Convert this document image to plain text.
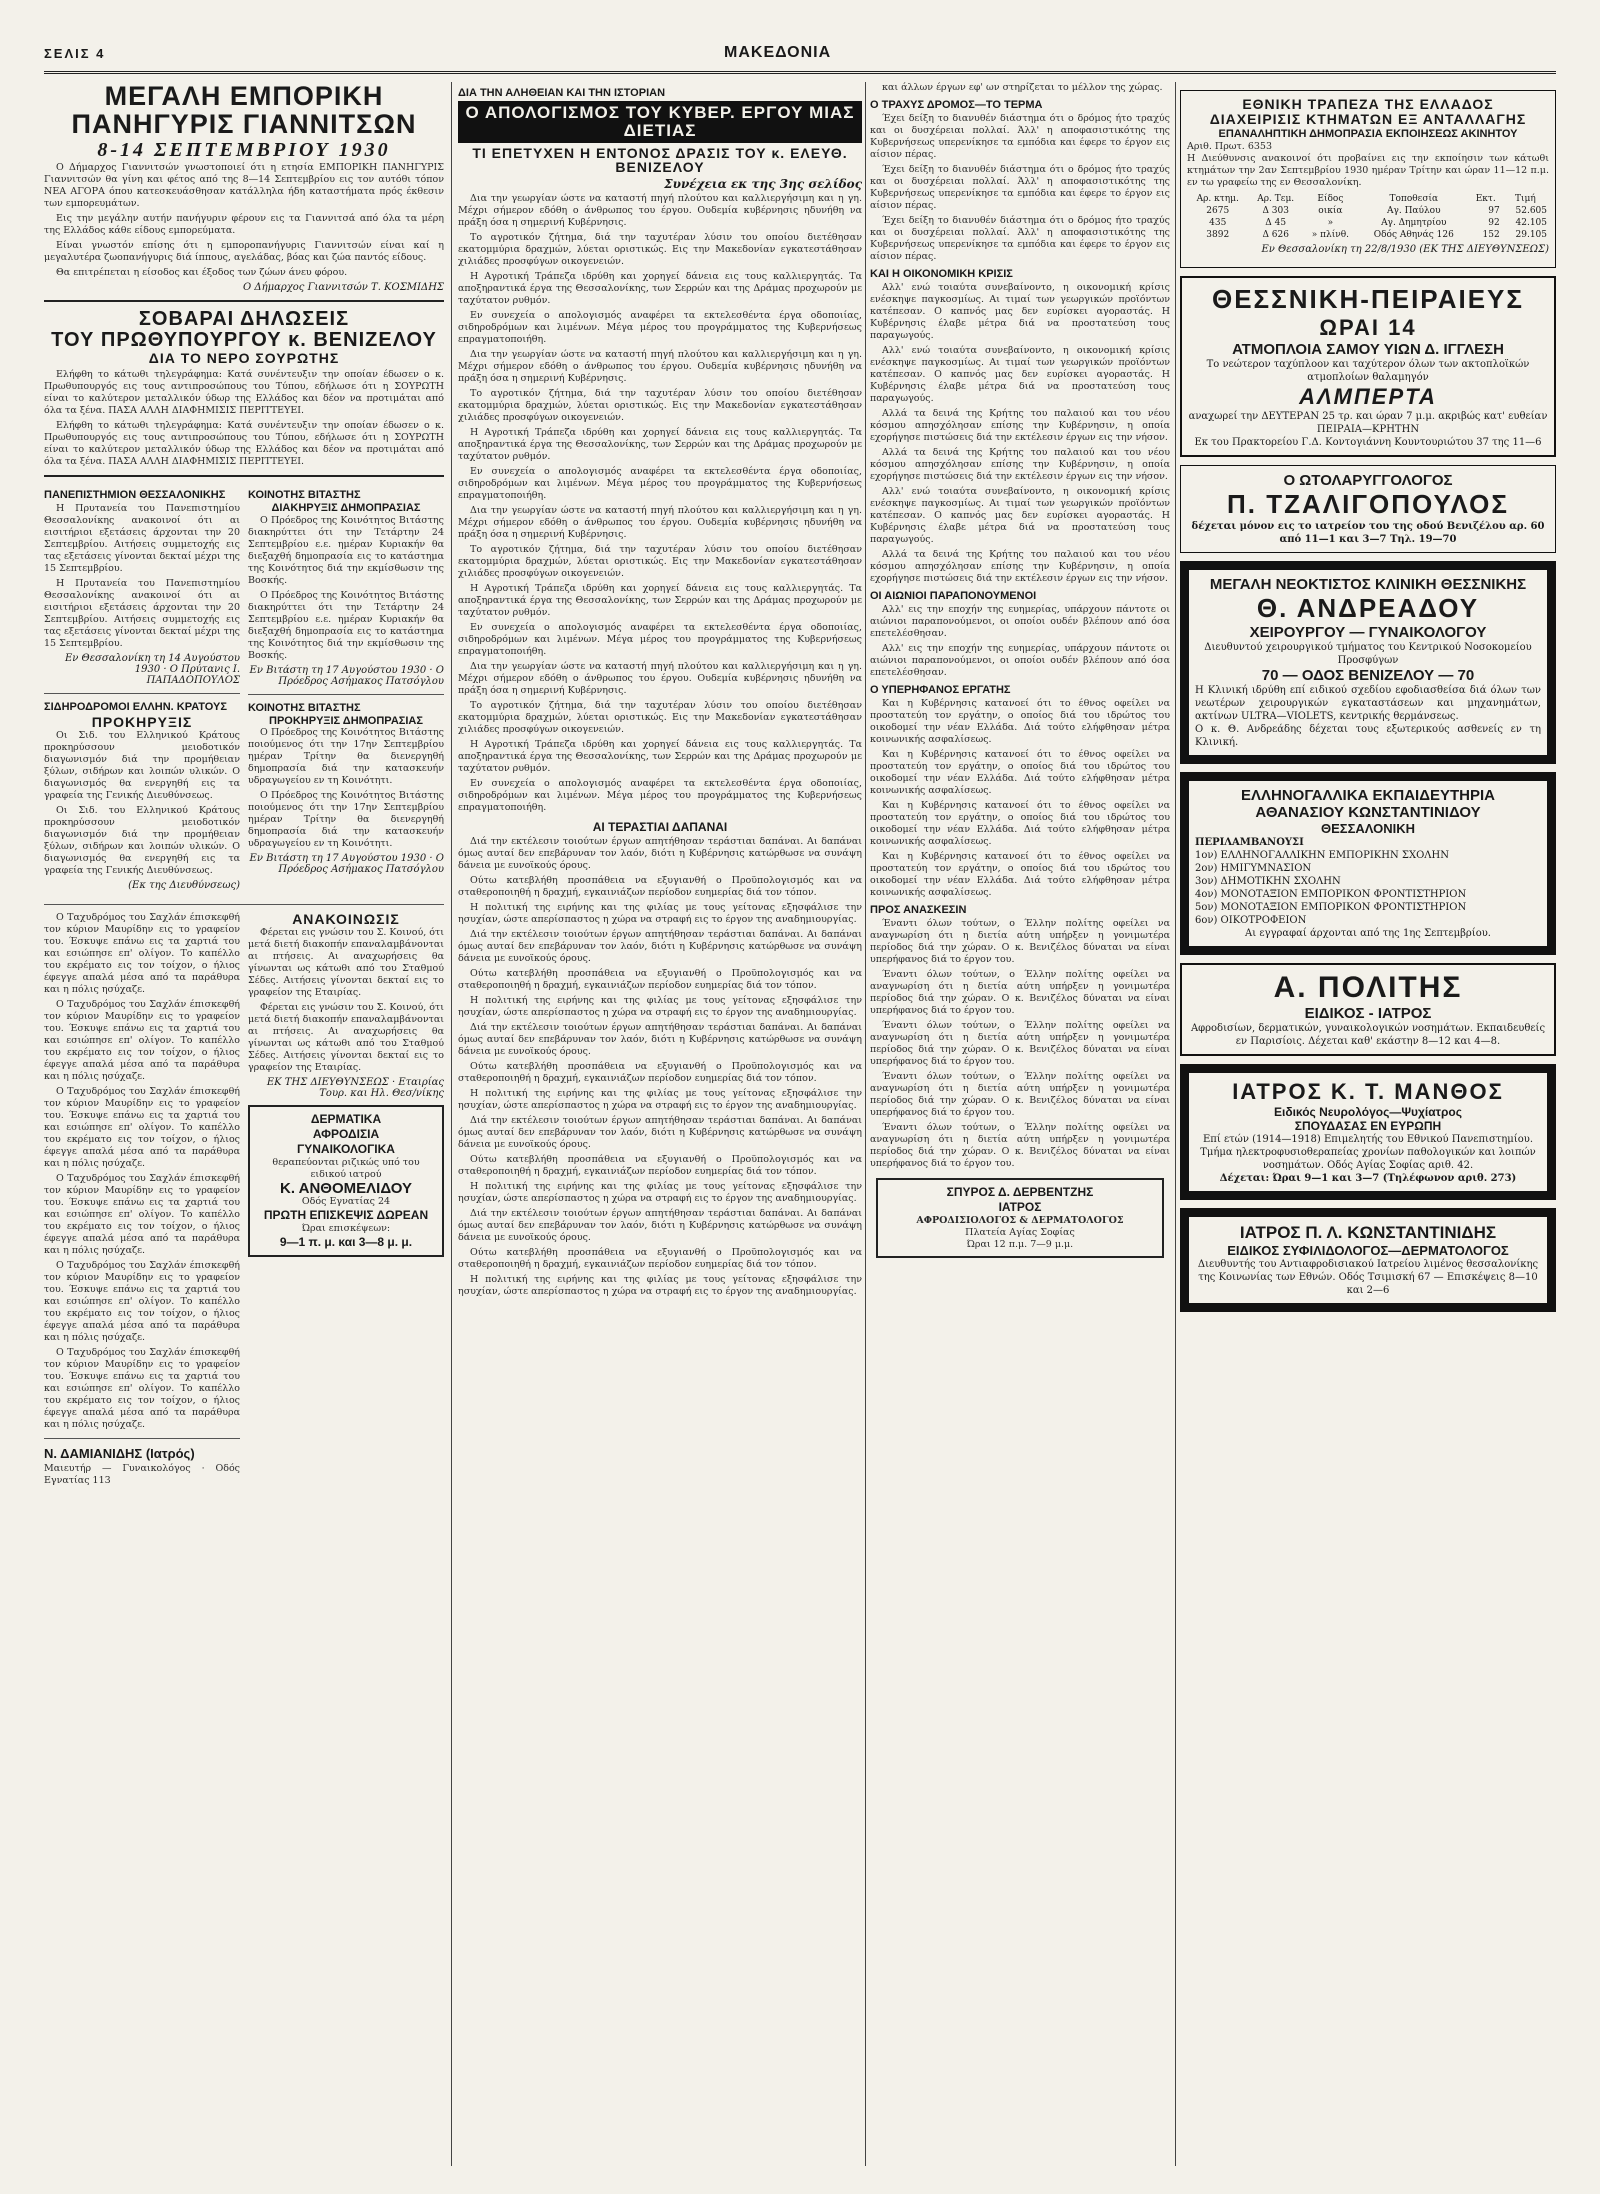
ΣΕΛΙΣ 4	ΜΑΚΕΔΟΝΙΑ
ΜΕΓΑΛΗ ΕΜΠΟΡΙΚΗ
ΠΑΝΗΓΥΡΙΣ ΓΙΑΝΝΙΤΣΩΝ
8-14 ΣΕΠΤΕΜΒΡΙΟΥ 1930

Ο Δήμαρχος Γιαννιτσών γνωστοποιεί ότι η ετησία ΕΜΠΟΡΙΚΗ ΠΑΝΗΓΥΡΙΣ Γιαννιτσών θα γίνη και φέτος από της 8—14 Σεπτεμβρίου εις τον αυτόθι τόπον ΝΕΑ ΑΓΟΡΑ όπου κατεσκευάσθησαν κατάλληλα ήδη καταστήματα πρός έκθεσιν των εμπορευμάτων.

Εις την μεγάλην αυτήν πανήγυριν φέρουν εις τα Γιαννιτσά από όλα τα μέρη της Ελλάδος κάθε είδους εμπορεύματα.

Είναι γνωστόν επίσης ότι η εμποροπανήγυρις Γιαννιτσών είναι καί η μεγαλυτέρα ζωοπανήγυρις διά ίππους, αγελάδας, βόας και ζώα παντός είδους.

Θα επιτρέπεται η είσοδος και έξοδος των ζώων άνευ φόρου.

Ο Δήμαρχος Γιαννιτσών Τ. ΚΟΣΜΙΔΗΣ
ΣΟΒΑΡΑΙ ΔΗΛΩΣΕΙΣ
ΤΟΥ ΠΡΩΘΥΠΟΥΡΓΟΥ κ. ΒΕΝΙΖΕΛΟΥ
ΔΙΑ ΤΟ ΝΕΡΟ ΣΟΥΡΩΤΗΣ

Ελήφθη το κάτωθι τηλεγράφημα: Κατά συνέντευξιν την οποίαν έδωσεν ο κ. Πρωθυπουργός εις τους αντιπροσώπους του Τύπου, εδήλωσε ότι η ΣΟΥΡΩΤΗ είναι το καλύτερον μεταλλικόν ύδωρ της Ελλάδος και δέον να προτιμάται από όλα τα ξένα. ΠΑΣΑ ΑΛΛΗ ΔΙΑΦΗΜΙΣΙΣ ΠΕΡΙΤΤΕΥΕΙ.

Ελήφθη το κάτωθι τηλεγράφημα: Κατά συνέντευξιν την οποίαν έδωσεν ο κ. Πρωθυπουργός εις τους αντιπροσώπους του Τύπου, εδήλωσε ότι η ΣΟΥΡΩΤΗ είναι το καλύτερον μεταλλικόν ύδωρ της Ελλάδος και δέον να προτιμάται από όλα τα ξένα. ΠΑΣΑ ΑΛΛΗ ΔΙΑΦΗΜΙΣΙΣ ΠΕΡΙΤΤΕΥΕΙ.

ΠΑΝΕΠΙΣΤΗΜΙΟΝ ΘΕΣΣΑΛΟΝΙΚΗΣ

Η Πρυτανεία του Πανεπιστημίου Θεσσαλονίκης ανακοινοί ότι αι εισιτήριοι εξετάσεις άρχονται την 20 Σεπτεμβρίου. Αιτήσεις συμμετοχής εις τας εξετάσεις γίνονται δεκταί μέχρι της 15 Σεπτεμβρίου.

Η Πρυτανεία του Πανεπιστημίου Θεσσαλονίκης ανακοινοί ότι αι εισιτήριοι εξετάσεις άρχονται την 20 Σεπτεμβρίου. Αιτήσεις συμμετοχής εις τας εξετάσεις γίνονται δεκταί μέχρι της 15 Σεπτεμβρίου.

Εν Θεσσαλονίκη τη 14 Αυγούστου 1930 · Ο Πρύτανις Ι. ΠΑΠΑΔΟΠΟΥΛΟΣ
ΣΙΔΗΡΟΔΡΟΜΟΙ ΕΛΛΗΝ. ΚΡΑΤΟΥΣ
ΠΡΟΚΗΡΥΞΙΣ

Οι Σιδ. του Ελληνικού Κράτους προκηρύσσουν μειοδοτικόν διαγωνισμόν διά την προμήθειαν ξύλων, σιδήρων και λοιπών υλικών. Ο διαγωνισμός θα ενεργηθή εις τα γραφεία της Γενικής Διευθύνσεως.

Οι Σιδ. του Ελληνικού Κράτους προκηρύσσουν μειοδοτικόν διαγωνισμόν διά την προμήθειαν ξύλων, σιδήρων και λοιπών υλικών. Ο διαγωνισμός θα ενεργηθή εις τα γραφεία της Γενικής Διευθύνσεως.

(Εκ της Διευθύνσεως)
ΚΟΙΝΟΤΗΣ ΒΙΤΑΣΤΗΣ
ΔΙΑΚΗΡΥΞΙΣ ΔΗΜΟΠΡΑΣΙΑΣ

Ο Πρόεδρος της Κοινότητος Βιτάστης διακηρύττει ότι την Τετάρτην 24 Σεπτεμβρίου ε.ε. ημέραν Κυριακήν θα διεξαχθή δημοπρασία εις το κατάστημα της Κοινότητος διά την εκμίσθωσιν της Βοσκής.

Ο Πρόεδρος της Κοινότητος Βιτάστης διακηρύττει ότι την Τετάρτην 24 Σεπτεμβρίου ε.ε. ημέραν Κυριακήν θα διεξαχθή δημοπρασία εις το κατάστημα της Κοινότητος διά την εκμίσθωσιν της Βοσκής.

Εν Βιτάστη τη 17 Αυγούστου 1930 · Ο Πρόεδρος Ασήμακος Πατσόγλου
ΚΟΙΝΟΤΗΣ ΒΙΤΑΣΤΗΣ
ΠΡΟΚΗΡΥΞΙΣ ΔΗΜΟΠΡΑΣΙΑΣ

Ο Πρόεδρος της Κοινότητος Βιτάστης ποιούμενος ότι την 17ην Σεπτεμβρίου ημέραν Τρίτην θα διενεργηθή δημοπρασία διά την κατασκευήν υδραγωγείου εν τη Κοινότητι.

Ο Πρόεδρος της Κοινότητος Βιτάστης ποιούμενος ότι την 17ην Σεπτεμβρίου ημέραν Τρίτην θα διενεργηθή δημοπρασία διά την κατασκευήν υδραγωγείου εν τη Κοινότητι.

Εν Βιτάστη τη 17 Αυγούστου 1930 · Ο Πρόεδρος Ασήμακος Πατσόγλου

Ο Ταχυδρόμος του Σαχλάν έπισκεφθή τον κύριον Μαυρίδην εις το γραφείον του. Έσκυψε επάνω εις τα χαρτιά του και εσιώπησε επ' ολίγον. Το καπέλλο του εκρέματο εις τον τοίχον, ο ήλιος έφεγγε απαλά μέσα από τα παράθυρα και η πόλις ησύχαζε.

Ο Ταχυδρόμος του Σαχλάν έπισκεφθή τον κύριον Μαυρίδην εις το γραφείον του. Έσκυψε επάνω εις τα χαρτιά του και εσιώπησε επ' ολίγον. Το καπέλλο του εκρέματο εις τον τοίχον, ο ήλιος έφεγγε απαλά μέσα από τα παράθυρα και η πόλις ησύχαζε.

Ο Ταχυδρόμος του Σαχλάν έπισκεφθή τον κύριον Μαυρίδην εις το γραφείον του. Έσκυψε επάνω εις τα χαρτιά του και εσιώπησε επ' ολίγον. Το καπέλλο του εκρέματο εις τον τοίχον, ο ήλιος έφεγγε απαλά μέσα από τα παράθυρα και η πόλις ησύχαζε.

Ο Ταχυδρόμος του Σαχλάν έπισκεφθή τον κύριον Μαυρίδην εις το γραφείον του. Έσκυψε επάνω εις τα χαρτιά του και εσιώπησε επ' ολίγον. Το καπέλλο του εκρέματο εις τον τοίχον, ο ήλιος έφεγγε απαλά μέσα από τα παράθυρα και η πόλις ησύχαζε.

Ο Ταχυδρόμος του Σαχλάν έπισκεφθή τον κύριον Μαυρίδην εις το γραφείον του. Έσκυψε επάνω εις τα χαρτιά του και εσιώπησε επ' ολίγον. Το καπέλλο του εκρέματο εις τον τοίχον, ο ήλιος έφεγγε απαλά μέσα από τα παράθυρα και η πόλις ησύχαζε.

Ο Ταχυδρόμος του Σαχλάν έπισκεφθή τον κύριον Μαυρίδην εις το γραφείον του. Έσκυψε επάνω εις τα χαρτιά του και εσιώπησε επ' ολίγον. Το καπέλλο του εκρέματο εις τον τοίχον, ο ήλιος έφεγγε απαλά μέσα από τα παράθυρα και η πόλις ησύχαζε.

Ν. ΔΑΜΙΑΝΙΔΗΣ (Ιατρός)
Μαιευτήρ — Γυναικολόγος · Οδός Εγνατίας 113
ΑΝΑΚΟΙΝΩΣΙΣ

Φέρεται εις γνώσιν του Σ. Κοινού, ότι μετά διετή διακοπήν επαναλαμβάνονται αι πτήσεις. Αι αναχωρήσεις θα γίνωνται ως κάτωθι από του Σταθμού Σέδες. Αιτήσεις γίνονται δεκταί εις το γραφείον της Εταιρίας.

Φέρεται εις γνώσιν του Σ. Κοινού, ότι μετά διετή διακοπήν επαναλαμβάνονται αι πτήσεις. Αι αναχωρήσεις θα γίνωνται ως κάτωθι από του Σταθμού Σέδες. Αιτήσεις γίνονται δεκταί εις το γραφείον της Εταιρίας.

ΕΚ ΤΗΣ ΔΙΕΥΘΥΝΣΕΩΣ · Εταιρίας Τουρ. και Ηλ. Θεσ/νίκης
ΔΕΡΜΑΤΙΚΑ
ΑΦΡΟΔΙΣΙΑ
ΓΥΝΑΙΚΟΛΟΓΙΚΑ
θεραπεύονται ριζικώς υπό του ειδικού ιατρού
Κ. ΑΝΘΟΜΕΛΙΔΟΥ
Οδός Εγνατίας 24
ΠΡΩΤΗ ΕΠΙΣΚΕΨΙΣ ΔΩΡΕΑΝ
Ώραι επισκέψεων:
9—1 π. μ. και 3—8 μ. μ.
ΔΙΑ ΤΗΝ ΑΛΗΘΕΙΑΝ ΚΑΙ ΤΗΝ ΙΣΤΟΡΙΑΝ
Ο ΑΠΟΛΟΓΙΣΜΟΣ ΤΟΥ ΚΥΒΕΡ. ΕΡΓΟΥ ΜΙΑΣ ΔΙΕΤΙΑΣ
ΤΙ ΕΠΕΤΥΧΕΝ Η ΕΝΤΟΝΟΣ ΔΡΑΣΙΣ ΤΟΥ κ. ΕΛΕΥΘ. ΒΕΝΙΖΕΛΟΥ
Συνέχεια εκ της 3ης σελίδος

Δια την γεωργίαν ώστε να καταστή πηγή πλούτου και καλλιεργήσιμη και η γη. Μέχρι σήμερον εδόθη ο άνθρωπος του έργου. Ουδεμία κυβέρνησις ηδυνήθη να πράξη όσα η σημερινή Κυβέρνησις.

Το αγροτικόν ζήτημα, διά την ταχυτέραν λύσιν του οποίου διετέθησαν εκατομμύρια δραχμών, λύεται οριστικώς. Εις την Μακεδονίαν εγκατεστάθησαν χιλιάδες προσφύγων οικογενειών.

Η Αγροτική Τράπεζα ιδρύθη και χορηγεί δάνεια εις τους καλλιεργητάς. Τα αποξηραντικά έργα της Θεσσαλονίκης, των Σερρών και της Δράμας προχωρούν με ταχύτατον ρυθμόν.

Εν συνεχεία ο απολογισμός αναφέρει τα εκτελεσθέντα έργα οδοποιίας, σιδηροδρόμων και λιμένων. Μέγα μέρος του προγράμματος της Κυβερνήσεως επραγματοποιήθη.

Δια την γεωργίαν ώστε να καταστή πηγή πλούτου και καλλιεργήσιμη και η γη. Μέχρι σήμερον εδόθη ο άνθρωπος του έργου. Ουδεμία κυβέρνησις ηδυνήθη να πράξη όσα η σημερινή Κυβέρνησις.

Το αγροτικόν ζήτημα, διά την ταχυτέραν λύσιν του οποίου διετέθησαν εκατομμύρια δραχμών, λύεται οριστικώς. Εις την Μακεδονίαν εγκατεστάθησαν χιλιάδες προσφύγων οικογενειών.

Η Αγροτική Τράπεζα ιδρύθη και χορηγεί δάνεια εις τους καλλιεργητάς. Τα αποξηραντικά έργα της Θεσσαλονίκης, των Σερρών και της Δράμας προχωρούν με ταχύτατον ρυθμόν.

Εν συνεχεία ο απολογισμός αναφέρει τα εκτελεσθέντα έργα οδοποιίας, σιδηροδρόμων και λιμένων. Μέγα μέρος του προγράμματος της Κυβερνήσεως επραγματοποιήθη.

Δια την γεωργίαν ώστε να καταστή πηγή πλούτου και καλλιεργήσιμη και η γη. Μέχρι σήμερον εδόθη ο άνθρωπος του έργου. Ουδεμία κυβέρνησις ηδυνήθη να πράξη όσα η σημερινή Κυβέρνησις.

Το αγροτικόν ζήτημα, διά την ταχυτέραν λύσιν του οποίου διετέθησαν εκατομμύρια δραχμών, λύεται οριστικώς. Εις την Μακεδονίαν εγκατεστάθησαν χιλιάδες προσφύγων οικογενειών.

Η Αγροτική Τράπεζα ιδρύθη και χορηγεί δάνεια εις τους καλλιεργητάς. Τα αποξηραντικά έργα της Θεσσαλονίκης, των Σερρών και της Δράμας προχωρούν με ταχύτατον ρυθμόν.

Εν συνεχεία ο απολογισμός αναφέρει τα εκτελεσθέντα έργα οδοποιίας, σιδηροδρόμων και λιμένων. Μέγα μέρος του προγράμματος της Κυβερνήσεως επραγματοποιήθη.

Δια την γεωργίαν ώστε να καταστή πηγή πλούτου και καλλιεργήσιμη και η γη. Μέχρι σήμερον εδόθη ο άνθρωπος του έργου. Ουδεμία κυβέρνησις ηδυνήθη να πράξη όσα η σημερινή Κυβέρνησις.

Το αγροτικόν ζήτημα, διά την ταχυτέραν λύσιν του οποίου διετέθησαν εκατομμύρια δραχμών, λύεται οριστικώς. Εις την Μακεδονίαν εγκατεστάθησαν χιλιάδες προσφύγων οικογενειών.

Η Αγροτική Τράπεζα ιδρύθη και χορηγεί δάνεια εις τους καλλιεργητάς. Τα αποξηραντικά έργα της Θεσσαλονίκης, των Σερρών και της Δράμας προχωρούν με ταχύτατον ρυθμόν.

Εν συνεχεία ο απολογισμός αναφέρει τα εκτελεσθέντα έργα οδοποιίας, σιδηροδρόμων και λιμένων. Μέγα μέρος του προγράμματος της Κυβερνήσεως επραγματοποιήθη.

ΑΙ ΤΕΡΑΣΤΙΑΙ ΔΑΠΑΝΑΙ

Διά την εκτέλεσιν τοιούτων έργων απητήθησαν τεράστιαι δαπάναι. Αι δαπάναι όμως αυταί δεν επεβάρυναν τον λαόν, διότι η Κυβέρνησις κατώρθωσε να συνάψη δάνεια με ευνοϊκούς όρους.

Ούτω κατεβλήθη προσπάθεια να εξυγιανθή ο Προϋπολογισμός και να σταθεροποιηθή η δραχμή, εγκαινιάζων περίοδον ευημερίας διά τον τόπον.

Η πολιτική της ειρήνης και της φιλίας με τους γείτονας εξησφάλισε την ησυχίαν, ώστε απερίσπαστος η χώρα να στραφή εις το έργον της αναδημιουργίας.

Διά την εκτέλεσιν τοιούτων έργων απητήθησαν τεράστιαι δαπάναι. Αι δαπάναι όμως αυταί δεν επεβάρυναν τον λαόν, διότι η Κυβέρνησις κατώρθωσε να συνάψη δάνεια με ευνοϊκούς όρους.

Ούτω κατεβλήθη προσπάθεια να εξυγιανθή ο Προϋπολογισμός και να σταθεροποιηθή η δραχμή, εγκαινιάζων περίοδον ευημερίας διά τον τόπον.

Η πολιτική της ειρήνης και της φιλίας με τους γείτονας εξησφάλισε την ησυχίαν, ώστε απερίσπαστος η χώρα να στραφή εις το έργον της αναδημιουργίας.

Διά την εκτέλεσιν τοιούτων έργων απητήθησαν τεράστιαι δαπάναι. Αι δαπάναι όμως αυταί δεν επεβάρυναν τον λαόν, διότι η Κυβέρνησις κατώρθωσε να συνάψη δάνεια με ευνοϊκούς όρους.

Ούτω κατεβλήθη προσπάθεια να εξυγιανθή ο Προϋπολογισμός και να σταθεροποιηθή η δραχμή, εγκαινιάζων περίοδον ευημερίας διά τον τόπον.

Η πολιτική της ειρήνης και της φιλίας με τους γείτονας εξησφάλισε την ησυχίαν, ώστε απερίσπαστος η χώρα να στραφή εις το έργον της αναδημιουργίας.

Διά την εκτέλεσιν τοιούτων έργων απητήθησαν τεράστιαι δαπάναι. Αι δαπάναι όμως αυταί δεν επεβάρυναν τον λαόν, διότι η Κυβέρνησις κατώρθωσε να συνάψη δάνεια με ευνοϊκούς όρους.

Ούτω κατεβλήθη προσπάθεια να εξυγιανθή ο Προϋπολογισμός και να σταθεροποιηθή η δραχμή, εγκαινιάζων περίοδον ευημερίας διά τον τόπον.

Η πολιτική της ειρήνης και της φιλίας με τους γείτονας εξησφάλισε την ησυχίαν, ώστε απερίσπαστος η χώρα να στραφή εις το έργον της αναδημιουργίας.

Διά την εκτέλεσιν τοιούτων έργων απητήθησαν τεράστιαι δαπάναι. Αι δαπάναι όμως αυταί δεν επεβάρυναν τον λαόν, διότι η Κυβέρνησις κατώρθωσε να συνάψη δάνεια με ευνοϊκούς όρους.

Ούτω κατεβλήθη προσπάθεια να εξυγιανθή ο Προϋπολογισμός και να σταθεροποιηθή η δραχμή, εγκαινιάζων περίοδον ευημερίας διά τον τόπον.

Η πολιτική της ειρήνης και της φιλίας με τους γείτονας εξησφάλισε την ησυχίαν, ώστε απερίσπαστος η χώρα να στραφή εις το έργον της αναδημιουργίας.

και άλλων έργων εφ' ων στηρίζεται το μέλλον της χώρας.

Ο ΤΡΑΧΥΣ ΔΡΟΜΟΣ—ΤΟ ΤΕΡΜΑ

Έχει δείξη το διανυθέν διάστημα ότι ο δρόμος ήτο τραχύς και οι δυσχέρειαι πολλαί. Άλλ' η αποφασιστικότης της Κυβερνήσεως υπερενίκησε τα εμπόδια και έφερε το έργον εις αίσιον πέρας.

Έχει δείξη το διανυθέν διάστημα ότι ο δρόμος ήτο τραχύς και οι δυσχέρειαι πολλαί. Άλλ' η αποφασιστικότης της Κυβερνήσεως υπερενίκησε τα εμπόδια και έφερε το έργον εις αίσιον πέρας.

Έχει δείξη το διανυθέν διάστημα ότι ο δρόμος ήτο τραχύς και οι δυσχέρειαι πολλαί. Άλλ' η αποφασιστικότης της Κυβερνήσεως υπερενίκησε τα εμπόδια και έφερε το έργον εις αίσιον πέρας.

ΚΑΙ Η ΟΙΚΟΝΟΜΙΚΗ ΚΡΙΣΙΣ

Αλλ' ενώ τοιαύτα συνεβαίνοντο, η οικονομική κρίσις ενέσκηψε παγκοσμίως. Αι τιμαί των γεωργικών προϊόντων κατέπεσαν. Ο καπνός μας δεν ευρίσκει αγοραστάς. Η Κυβέρνησις έλαβε μέτρα διά να προστατεύση τους παραγωγούς.

Αλλ' ενώ τοιαύτα συνεβαίνοντο, η οικονομική κρίσις ενέσκηψε παγκοσμίως. Αι τιμαί των γεωργικών προϊόντων κατέπεσαν. Ο καπνός μας δεν ευρίσκει αγοραστάς. Η Κυβέρνησις έλαβε μέτρα διά να προστατεύση τους παραγωγούς.

Αλλά τα δεινά της Κρήτης του παλαιού και του νέου κόσμου απησχόλησαν επίσης την Κυβέρνησιν, η οποία εχορήγησε πιστώσεις διά την εκτέλεσιν έργων εις την νήσον.

Αλλά τα δεινά της Κρήτης του παλαιού και του νέου κόσμου απησχόλησαν επίσης την Κυβέρνησιν, η οποία εχορήγησε πιστώσεις διά την εκτέλεσιν έργων εις την νήσον.

Αλλ' ενώ τοιαύτα συνεβαίνοντο, η οικονομική κρίσις ενέσκηψε παγκοσμίως. Αι τιμαί των γεωργικών προϊόντων κατέπεσαν. Ο καπνός μας δεν ευρίσκει αγοραστάς. Η Κυβέρνησις έλαβε μέτρα διά να προστατεύση τους παραγωγούς.

Αλλά τα δεινά της Κρήτης του παλαιού και του νέου κόσμου απησχόλησαν επίσης την Κυβέρνησιν, η οποία εχορήγησε πιστώσεις διά την εκτέλεσιν έργων εις την νήσον.

ΟΙ ΑΙΩΝΙΟΙ ΠΑΡΑΠΟΝΟΥΜΕΝΟΙ

Αλλ' εις την εποχήν της ευημερίας, υπάρχουν πάντοτε οι αιώνιοι παραπονούμενοι, οι οποίοι ουδέν βλέπουν από όσα επετελέσθησαν.

Αλλ' εις την εποχήν της ευημερίας, υπάρχουν πάντοτε οι αιώνιοι παραπονούμενοι, οι οποίοι ουδέν βλέπουν από όσα επετελέσθησαν.

Ο ΥΠΕΡΗΦΑΝΟΣ ΕΡΓΑΤΗΣ

Και η Κυβέρνησις κατανοεί ότι το έθνος οφείλει να προστατεύη τον εργάτην, ο οποίος διά του ιδρώτος του οικοδομεί την νέαν Ελλάδα. Διά τούτο ελήφθησαν μέτρα κοινωνικής ασφαλίσεως.

Και η Κυβέρνησις κατανοεί ότι το έθνος οφείλει να προστατεύη τον εργάτην, ο οποίος διά του ιδρώτος του οικοδομεί την νέαν Ελλάδα. Διά τούτο ελήφθησαν μέτρα κοινωνικής ασφαλίσεως.

Και η Κυβέρνησις κατανοεί ότι το έθνος οφείλει να προστατεύη τον εργάτην, ο οποίος διά του ιδρώτος του οικοδομεί την νέαν Ελλάδα. Διά τούτο ελήφθησαν μέτρα κοινωνικής ασφαλίσεως.

Και η Κυβέρνησις κατανοεί ότι το έθνος οφείλει να προστατεύη τον εργάτην, ο οποίος διά του ιδρώτος του οικοδομεί την νέαν Ελλάδα. Διά τούτο ελήφθησαν μέτρα κοινωνικής ασφαλίσεως.

ΠΡΟΣ ΑΝΑΣΚΕΣΙΝ

Έναντι όλων τούτων, ο Έλλην πολίτης οφείλει να αναγνωρίση ότι η διετία αύτη υπήρξεν η γονιμωτέρα περίοδος διά την χώραν. Ο κ. Βενιζέλος δύναται να είναι υπερήφανος διά το έργον του.

Έναντι όλων τούτων, ο Έλλην πολίτης οφείλει να αναγνωρίση ότι η διετία αύτη υπήρξεν η γονιμωτέρα περίοδος διά την χώραν. Ο κ. Βενιζέλος δύναται να είναι υπερήφανος διά το έργον του.

Έναντι όλων τούτων, ο Έλλην πολίτης οφείλει να αναγνωρίση ότι η διετία αύτη υπήρξεν η γονιμωτέρα περίοδος διά την χώραν. Ο κ. Βενιζέλος δύναται να είναι υπερήφανος διά το έργον του.

Έναντι όλων τούτων, ο Έλλην πολίτης οφείλει να αναγνωρίση ότι η διετία αύτη υπήρξεν η γονιμωτέρα περίοδος διά την χώραν. Ο κ. Βενιζέλος δύναται να είναι υπερήφανος διά το έργον του.

Έναντι όλων τούτων, ο Έλλην πολίτης οφείλει να αναγνωρίση ότι η διετία αύτη υπήρξεν η γονιμωτέρα περίοδος διά την χώραν. Ο κ. Βενιζέλος δύναται να είναι υπερήφανος διά το έργον του.

ΣΠΥΡΟΣ Δ. ΔΕΡΒΕΝΤΖΗΣ
ΙΑΤΡΟΣ
ΑΦΡΟΔΙΣΙΟΛΟΓΟΣ & ΔΕΡΜΑΤΟΛΟΓΟΣ
Πλατεία Αγίας Σοφίας
Ώραι 12 π.μ. 7—9 μ.μ.
ΕΘΝΙΚΗ ΤΡΑΠΕΖΑ ΤΗΣ ΕΛΛΑΔΟΣ
ΔΙΑΧΕΙΡΙΣΙΣ ΚΤΗΜΑΤΩΝ ΕΞ ΑΝΤΑΛΛΑΓΗΣ
ΕΠΑΝΑΛΗΠΤΙΚΗ ΔΗΜΟΠΡΑΣΙΑ ΕΚΠΟΙΗΣΕΩΣ ΑΚΙΝΗΤΟΥ
Αριθ. Πρωτ. 6353
Η Διεύθυνσις ανακοινοί ότι προβαίνει εις την εκποίησιν των κάτωθι κτημάτων την 2αν Σεπτεμβρίου 1930 ημέραν Τρίτην και ώραν 11—12 π.μ. εν τω γραφείω της εν Θεσσαλονίκη.
Αρ. κτημ.	Αρ. Τεμ.	Είδος	Τοποθεσία	Εκτ.	Τιμή
2675	Δ 303	οικία	Αγ. Παύλου	97	52.605
435	Δ 45	»	Αγ. Δημητρίου	92	42.105
3892	Δ 626	» πλίνθ.	Οδός Αθηνάς 126	152	29.105
Εν Θεσσαλονίκη τη 22/8/1930 (ΕΚ ΤΗΣ ΔΙΕΥΘΥΝΣΕΩΣ)
ΘΕΣΣΝΙΚΗ-ΠΕΙΡΑΙΕΥΣ
ΩΡΑΙ 14
ΑΤΜΟΠΛΟΙΑ ΣΑΜΟΥ ΥΙΩΝ Δ. ΙΓΓΛΕΣΗ
Το νεώτερον ταχύπλοον και ταχύτερον όλων των ακτοπλοϊκών ατμοπλοίων θαλαμηγόν
ΑΛΜΠΕΡΤΑ
αναχωρεί την ΔΕΥΤΕΡΑΝ 25 τρ. και ώραν 7 μ.μ. ακριβώς κατ' ευθείαν ΠΕΙΡΑΙΑ—ΚΡΗΤΗΝ
Εκ του Πρακτορείου Γ.Δ. Κοντογιάννη Κουντουριώτου 37 της 11—6
Ο ΩΤΟΛΑΡΥΓΓΟΛΟΓΟΣ
Π. ΤΖΑΛΙΓΟΠΟΥΛΟΣ
δέχεται μόνον εις το ιατρείον του της οδού Βενιζέλου αρ. 60 από 11—1 και 3—7 Τηλ. 19—70
ΜΕΓΑΛΗ ΝΕΟΚΤΙΣΤΟΣ ΚΛΙΝΙΚΗ ΘΕΣΣΝΙΚΗΣ
Θ. ΑΝΔΡΕΑΔΟΥ
ΧΕΙΡΟΥΡΓΟΥ — ΓΥΝΑΙΚΟΛΟΓΟΥ
Διευθυντού χειρουργικού τμήματος του Κεντρικού Νοσοκομείου Προσφύγων
70 — ΟΔΟΣ ΒΕΝΙΖΕΛΟΥ — 70
Η Κλινική ιδρύθη επί ειδικού σχεδίου εφοδιασθείσα διά όλων των νεωτέρων χειρουργικών εγκαταστάσεων και μηχανημάτων, ακτίνων ULTRA—VIOLETS, κεντρικής θερμάνσεως.
Ο κ. Θ. Ανδρεάδης δέχεται τους εξωτερικούς ασθενείς εν τη Κλινική.
ΕΛΛΗΝΟΓΑΛΛΙΚΑ ΕΚΠΑΙΔΕΥΤΗΡΙΑ
ΑΘΑΝΑΣΙΟΥ ΚΩΝΣΤΑΝΤΙΝΙΔΟΥ
ΘΕΣΣΑΛΟΝΙΚΗ
ΠΕΡΙΛΑΜΒΑΝΟΥΣΙ
1ον) ΕΛΛΗΝΟΓΑΛΛΙΚΗΝ ΕΜΠΟΡΙΚΗΝ ΣΧΟΛΗΝ
2ον) ΗΜΙΓΥΜΝΑΣΙΟΝ
3ον) ΔΗΜΟΤΙΚΗΝ ΣΧΟΛΗΝ
4ον) ΜΟΝΟΤΑΞΙΟΝ ΕΜΠΟΡΙΚΟΝ ΦΡΟΝΤΙΣΤΗΡΙΟΝ
5ον) ΜΟΝΟΤΑΞΙΟΝ ΕΜΠΟΡΙΚΟΝ ΦΡΟΝΤΙΣΤΗΡΙΟΝ
6ον) ΟΙΚΟΤΡΟΦΕΙΟΝ
Αι εγγραφαί άρχονται από της 1ης Σεπτεμβρίου.
Α. ΠΟΛΙΤΗΣ
ΕΙΔΙΚΟΣ - ΙΑΤΡΟΣ
Αφροδισίων, δερματικών, γυναικολογικών νοσημάτων. Εκπαιδευθείς εν Παρισίοις. Δέχεται καθ' εκάστην 8—12 και 4—8.
ΙΑΤΡΟΣ Κ. Τ. ΜΑΝΘΟΣ
Ειδικός Νευρολόγος—Ψυχίατρος
ΣΠΟΥΔΑΣΑΣ ΕΝ ΕΥΡΩΠΗ
Επί ετών (1914—1918) Επιμελητής του Εθνικού Πανεπιστημίου. Τμήμα ηλεκτροφυσιοθεραπείας χρονίων παθολογικών και λοιπών νοσημάτων. Οδός Αγίας Σοφίας αριθ. 42.
Δέχεται: Ώραι 9—1 και 3—7 (Τηλέφωνον αριθ. 273)
ΙΑΤΡΟΣ Π. Λ. ΚΩΝΣΤΑΝΤΙΝΙΔΗΣ
ΕΙΔΙΚΟΣ ΣΥΦΙΛΙΔΟΛΟΓΟΣ—ΔΕΡΜΑΤΟΛΟΓΟΣ
Διευθυντής του Αντιαφροδισιακού Ιατρείου λιμένος θεσσαλονίκης της Κοινωνίας των Εθνών. Οδός Τσιμισκή 67 — Επισκέψεις 8—10 και 2—6
